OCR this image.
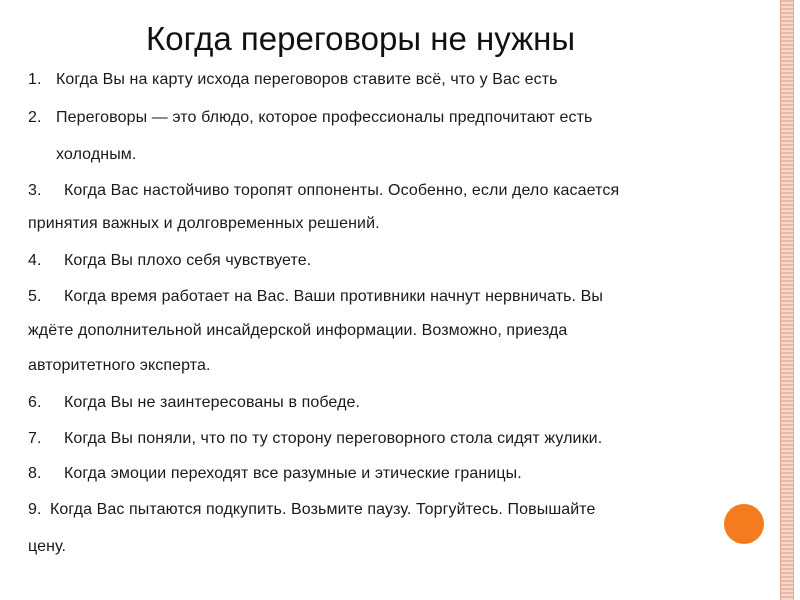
Когда переговоры не нужны
1. Когда Вы на карту исхода переговоров ставите всё, что у Вас есть
2. Переговоры — это блюдо, которое профессионалы предпочитают есть
холодным.
3. Когда Вас настойчиво торопят оппоненты. Особенно, если дело касается
принятия важных и долговременных решений.
4. Когда Вы плохо себя чувствуете.
5. Когда время работает на Вас. Ваши противники начнут нервничать. Вы
ждёте дополнительной инсайдерской информации. Возможно, приезда
авторитетного эксперта.
6. Когда Вы не заинтересованы в победе.
7. Когда Вы поняли, что по ту сторону переговорного стола сидят жулики.
8. Когда эмоции переходят все разумные и этические границы.
9. Когда Вас пытаются подкупить. Возьмите паузу. Торгуйтесь. Повышайте
цену.
